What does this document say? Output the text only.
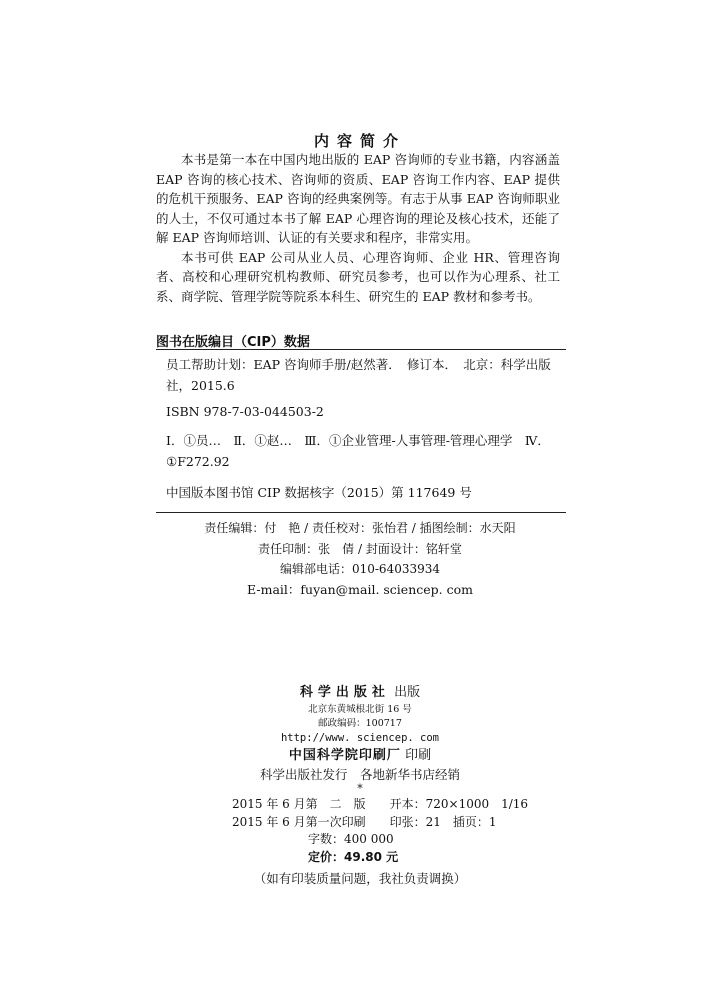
内容简介

本书是第一本在中国内地出版的 EAP 咨询师的专业书籍，内容涵盖 EAP 咨询的核心技术、咨询师的资质、EAP 咨询工作内容、EAP 提供的危机干预服务、EAP 咨询的经典案例等。有志于从事 EAP 咨询师职业的人士，不仅可通过本书了解 EAP 心理咨询的理论及核心技术，还能了解 EAP 咨询师培训、认证的有关要求和程序，非常实用。

本书可供 EAP 公司从业人员、心理咨询师、企业 HR、管理咨询者、高校和心理研究机构教师、研究员参考，也可以作为心理系、社工系、商学院、管理学院等院系本科生、研究生的 EAP 教材和参考书。

图书在版编目（CIP）数据
员工帮助计划：EAP 咨询师手册/赵然著．　修订本．　北京：科学出版
社，2015.6
ISBN 978-7-03-044503-2
Ⅰ．①员…　Ⅱ．①赵…　Ⅲ．①企业管理-人事管理-管理心理学　Ⅳ．
①F272.92
中国版本图书馆 CIP 数据核字（2015）第 117649 号
责任编辑：付　艳 / 责任校对：张怡君 / 插图绘制：水天阳
责任印制：张　倩 / 封面设计：铭轩堂
编辑部电话：010-64033934
E-mail：fuyan@mail. sciencep. com
科学出版社 出版
北京东黄城根北街 16 号
邮政编码：100717
http://www. sciencep. com
中国科学院印刷厂 印刷
科学出版社发行　各地新华书店经销
*
2015 年 6 月第　二　版　　开本：720×1000　1/16
2015 年 6 月第一次印刷　　印张：21　插页：1
字数：400 000
定价：49.80 元
（如有印装质量问题，我社负责调换）
